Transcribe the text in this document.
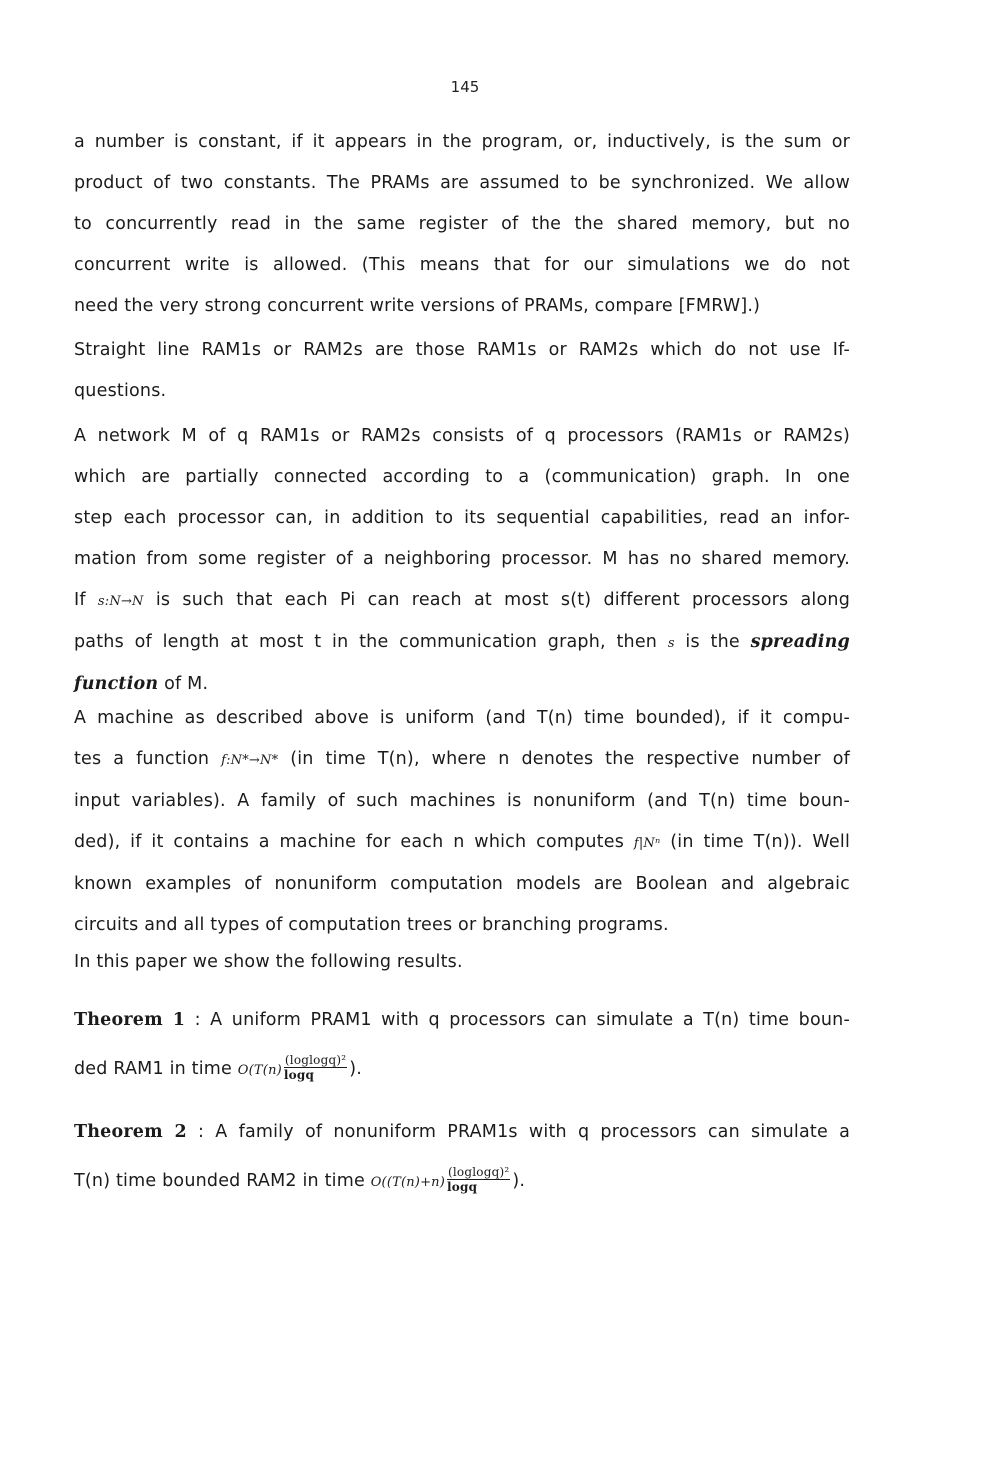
145
a number is constant, if it appears in the program, or, inductively, is the sum or
product of two constants. The PRAMs are assumed to be synchronized. We allow
to concurrently read in the same register of the the shared memory, but no
concurrent write is allowed. (This means that for our simulations we do not
need the very strong concurrent write versions of PRAMs, compare [FMRW].)
Straight line RAM1s or RAM2s are those RAM1s or RAM2s which do not use If-
questions.
A network M of q RAM1s or RAM2s consists of q processors (RAM1s or RAM2s)
which are partially connected according to a (communication) graph. In one
step each processor can, in addition to its sequential capabilities, read an infor-
mation from some register of a neighboring processor. M has no shared memory.
If s:N→N is such that each Pi can reach at most s(t) different processors along
paths of length at most t in the communication graph, then s is the spreading
function of M.
A machine as described above is uniform (and T(n) time bounded), if it compu-
tes a function f:N*→N* (in time T(n), where n denotes the respective number of
input variables). A family of such machines is nonuniform (and T(n) time boun-
ded), if it contains a machine for each n which computes f|Nⁿ (in time T(n)). Well
known examples of nonuniform computation models are Boolean and algebraic
circuits and all types of computation trees or branching programs.
In this paper we show the following results.
Theorem 1 : A uniform PRAM1 with q processors can simulate a T(n) time boun-
ded RAM1 in time $O(T(n) \frac{\text{(loglogq)²}}{\log q}$ ).
Theorem 2 : A family of nonuniform PRAM1s with q processors can simulate a
T(n) time bounded RAM2 in time $O((T(n)+n) \frac{\text{(loglogq)²}}{\log q}$ ).
